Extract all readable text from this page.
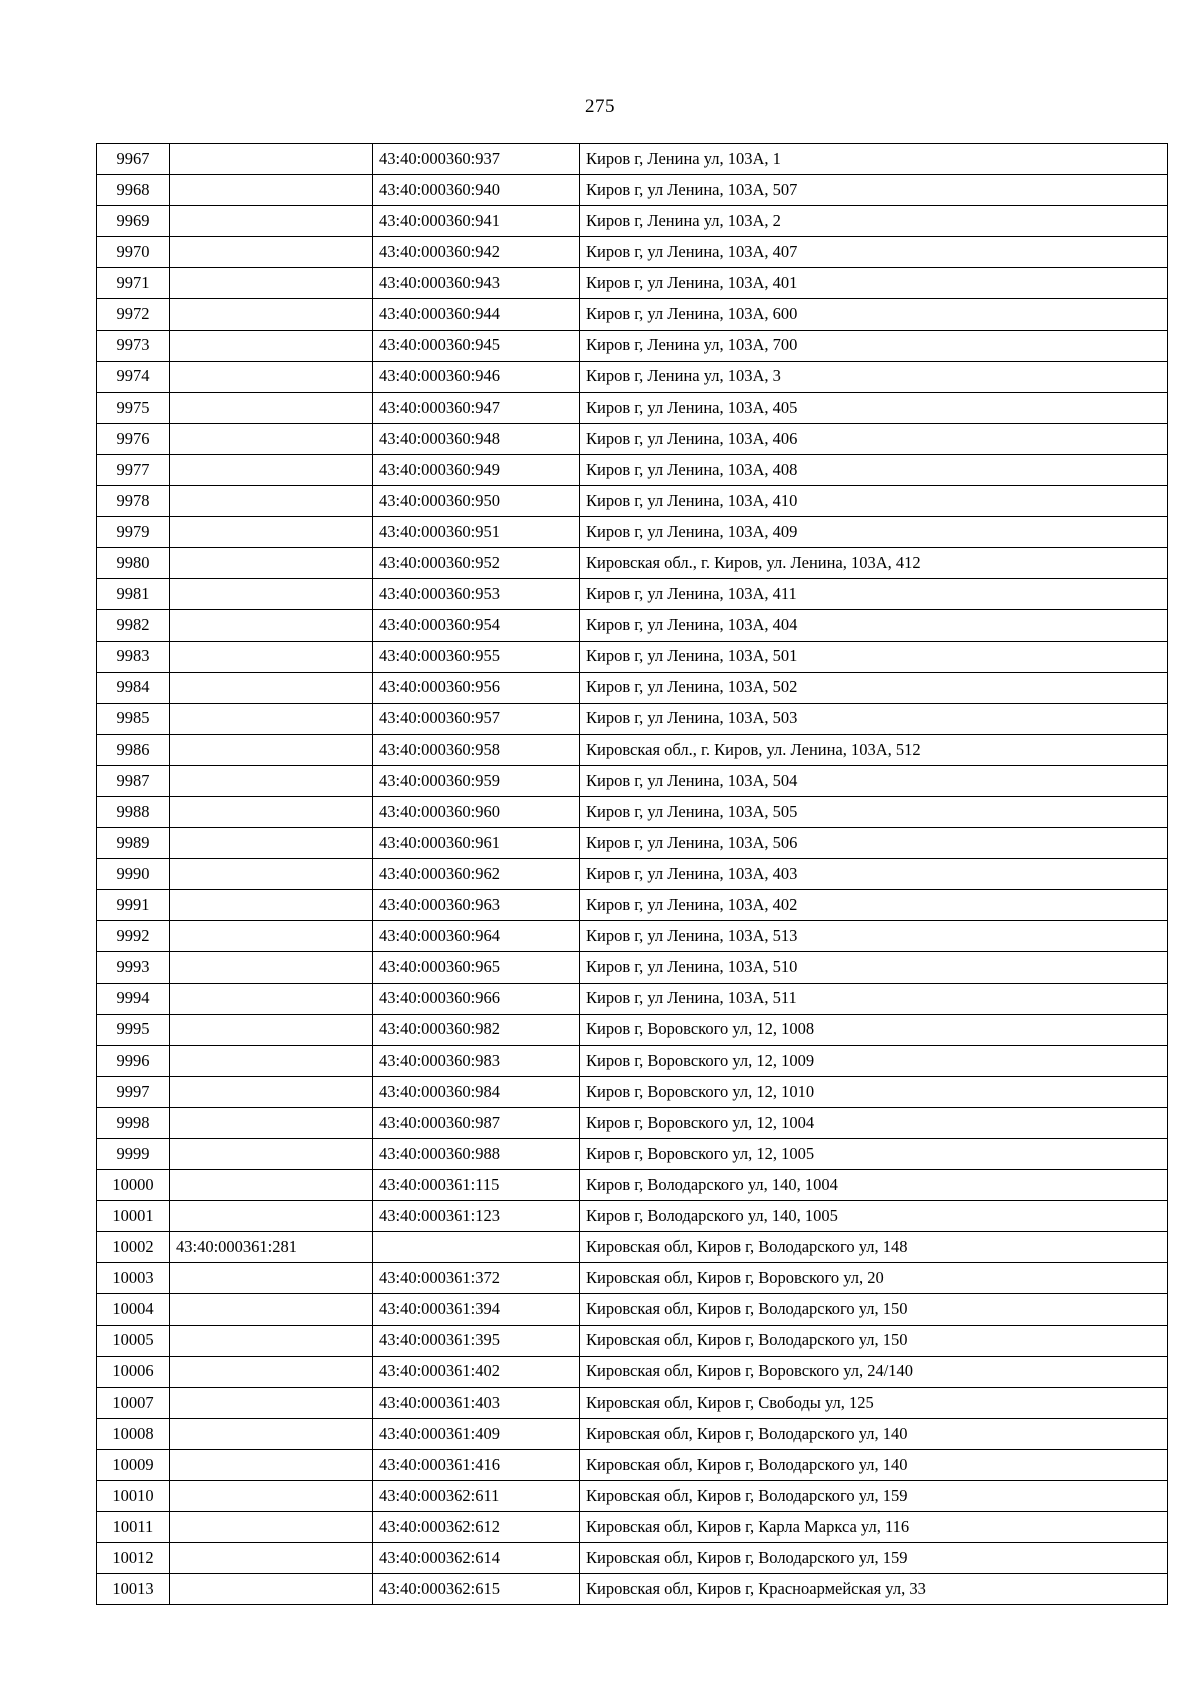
275
9967		43:40:000360:937	Киров г, Ленина ул, 103А, 1
9968		43:40:000360:940	Киров г, ул Ленина, 103А, 507
9969		43:40:000360:941	Киров г, Ленина ул, 103А, 2
9970		43:40:000360:942	Киров г, ул Ленина, 103А, 407
9971		43:40:000360:943	Киров г, ул Ленина, 103А, 401
9972		43:40:000360:944	Киров г, ул Ленина, 103А, 600
9973		43:40:000360:945	Киров г, Ленина ул, 103А, 700
9974		43:40:000360:946	Киров г, Ленина ул, 103А, 3
9975		43:40:000360:947	Киров г, ул Ленина, 103А, 405
9976		43:40:000360:948	Киров г, ул Ленина, 103А, 406
9977		43:40:000360:949	Киров г, ул Ленина, 103А, 408
9978		43:40:000360:950	Киров г, ул Ленина, 103А, 410
9979		43:40:000360:951	Киров г, ул Ленина, 103А, 409
9980		43:40:000360:952	Кировская обл., г. Киров, ул. Ленина, 103А, 412
9981		43:40:000360:953	Киров г, ул Ленина, 103А, 411
9982		43:40:000360:954	Киров г, ул Ленина, 103А, 404
9983		43:40:000360:955	Киров г, ул Ленина, 103А, 501
9984		43:40:000360:956	Киров г, ул Ленина, 103А, 502
9985		43:40:000360:957	Киров г, ул Ленина, 103А, 503
9986		43:40:000360:958	Кировская обл., г. Киров, ул. Ленина, 103А, 512
9987		43:40:000360:959	Киров г, ул Ленина, 103А, 504
9988		43:40:000360:960	Киров г, ул Ленина, 103А, 505
9989		43:40:000360:961	Киров г, ул Ленина, 103А, 506
9990		43:40:000360:962	Киров г, ул Ленина, 103А, 403
9991		43:40:000360:963	Киров г, ул Ленина, 103А, 402
9992		43:40:000360:964	Киров г, ул Ленина, 103А, 513
9993		43:40:000360:965	Киров г, ул Ленина, 103А, 510
9994		43:40:000360:966	Киров г, ул Ленина, 103А, 511
9995		43:40:000360:982	Киров г, Воровского ул, 12, 1008
9996		43:40:000360:983	Киров г, Воровского ул, 12, 1009
9997		43:40:000360:984	Киров г, Воровского ул, 12, 1010
9998		43:40:000360:987	Киров г, Воровского ул, 12, 1004
9999		43:40:000360:988	Киров г, Воровского ул, 12, 1005
10000		43:40:000361:115	Киров г, Володарского ул, 140, 1004
10001		43:40:000361:123	Киров г, Володарского ул, 140, 1005
10002	43:40:000361:281		Кировская обл, Киров г, Володарского ул, 148
10003		43:40:000361:372	Кировская обл, Киров г, Воровского ул, 20
10004		43:40:000361:394	Кировская обл, Киров г, Володарского ул, 150
10005		43:40:000361:395	Кировская обл, Киров г, Володарского ул, 150
10006		43:40:000361:402	Кировская обл, Киров г, Воровского ул, 24/140
10007		43:40:000361:403	Кировская обл, Киров г, Свободы ул, 125
10008		43:40:000361:409	Кировская обл, Киров г, Володарского ул, 140
10009		43:40:000361:416	Кировская обл, Киров г, Володарского ул, 140
10010		43:40:000362:611	Кировская обл, Киров г, Володарского ул, 159
10011		43:40:000362:612	Кировская обл, Киров г, Карла Маркса ул, 116
10012		43:40:000362:614	Кировская обл, Киров г, Володарского ул, 159
10013		43:40:000362:615	Кировская обл, Киров г, Красноармейская ул, 33
